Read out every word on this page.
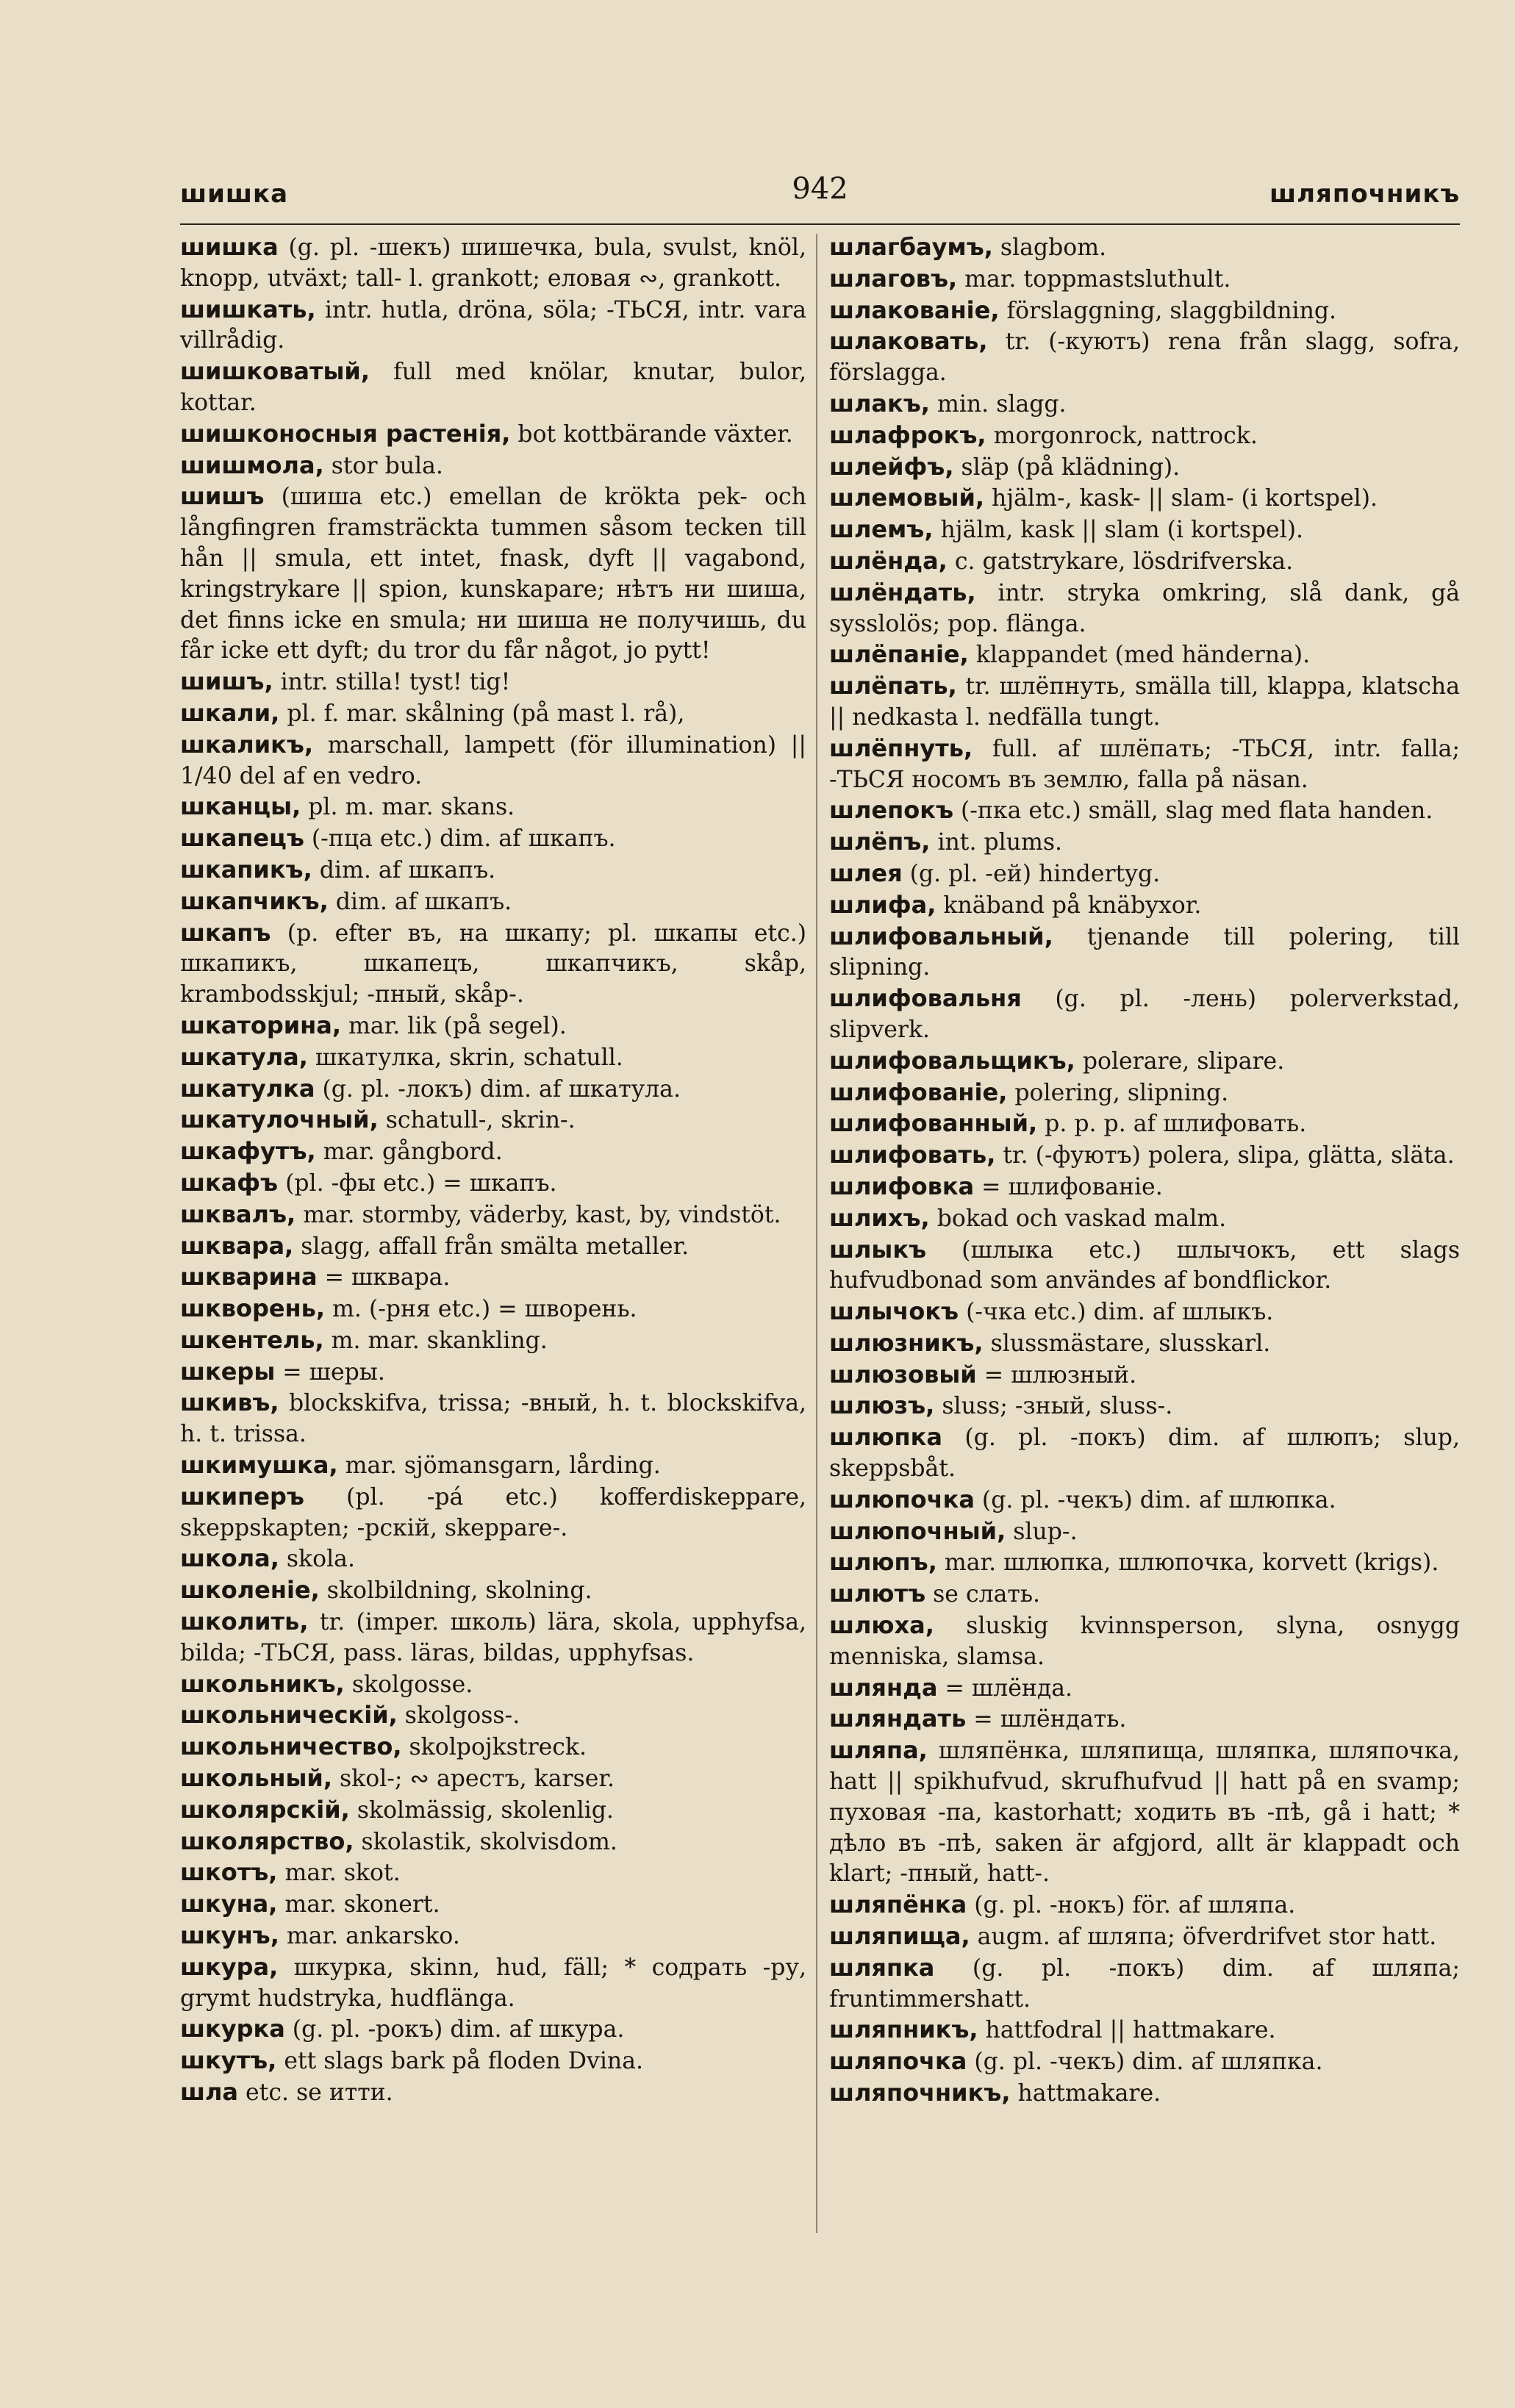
шишка	942	шляпочникъ

шишка (g. pl. -шекъ) шишечка, bula, svulst, knöl, knopp, utväxt; tall- l. grankott; еловая ∾, grankott.

шишкать, intr. hutla, dröna, söla; -ТЬСЯ, intr. vara villrådig.

шишковатый, full med knölar, knutar, bulor, kottar.

шишконосныя растенія, bot kottbärande växter.

шишмола, stor bula.

шишъ (шиша etc.) emellan de krökta pek- och långfingren framsträckta tummen såsom tecken till hån || smula, ett intet, fnask, dyft || vagabond, kringstrykare || spion, kunskapare; нѣтъ ни шиша, det finns icke en smula; ни шиша не получишь, du får icke ett dyft; du tror du får något, jo pytt!

шишъ, intr. stilla! tyst! tig!

шкали, pl. f. mar. skålning (på mast l. rå),

шкаликъ, marschall, lampett (för illumination) || 1/40 del af en vedro.

шканцы, pl. m. mar. skans.

шкапецъ (-пца etc.) dim. af шкапъ.

шкапикъ, dim. af шкапъ.

шкапчикъ, dim. af шкапъ.

шкапъ (p. efter въ, на шкапу; pl. шкапы etc.) шкапикъ, шкапецъ, шкапчикъ, skåp, krambodsskjul; -пный, skåp-.

шкаторина, mar. lik (på segel).

шкатула, шкатулка, skrin, schatull.

шкатулка (g. pl. -локъ) dim. af шкатула.

шкатулочный, schatull-, skrin-.

шкафутъ, mar. gångbord.

шкафъ (pl. -фы etc.) = шкапъ.

шквалъ, mar. stormby, väderby, kast, by, vindstöt.

шквара, slagg, affall från smälta metaller.

шкварина = шквара.

шкворень, m. (-рня etc.) = шворень.

шкентель, m. mar. skankling.

шкеры = шеры.

шкивъ, blockskifva, trissa; -вный, h. t. blockskifva, h. t. trissa.

шкимушка, mar. sjömansgarn, lårding.

шкиперъ (pl. -pá etc.) kofferdiskeppare, skeppskapten; -рскій, skeppare-.

школа, skola.

школеніе, skolbildning, skolning.

школить, tr. (imper. школь) lära, skola, upphyfsa, bilda; -ТЬСЯ, pass. läras, bildas, upphyfsas.

школьникъ, skolgosse.

школьническій, skolgoss-.

школьничество, skolpojkstreck.

школьный, skol-; ∾ арестъ, karser.

школярскій, skolmässig, skolenlig.

школярство, skolastik, skolvisdom.

шкотъ, mar. skot.

шкуна, mar. skonert.

шкунъ, mar. ankarsko.

шкура, шкурка, skinn, hud, fäll; * содрать -ру, grymt hudstryka, hudflänga.

шкурка (g. pl. -рокъ) dim. af шкура.

шкутъ, ett slags bark på floden Dvina.

шла etc. se итти.

шлагбаумъ, slagbom.

шлаговъ, mar. toppmastsluthult.

шлакованіе, förslaggning, slaggbildning.

шлаковать, tr. (-куютъ) rena från slagg, sofra, förslagga.

шлакъ, min. slagg.

шлафрокъ, morgonrock, nattrock.

шлейфъ, släp (på klädning).

шлемовый, hjälm-, kask- || slam- (i kortspel).

шлемъ, hjälm, kask || slam (i kortspel).

шлёнда, c. gatstrykare, lösdrifverska.

шлёндать, intr. stryka omkring, slå dank, gå sysslolös; pop. flänga.

шлёпаніе, klappandet (med händerna).

шлёпать, tr. шлёпнуть, smälla till, klappa, klatscha || nedkasta l. nedfälla tungt.

шлёпнуть, full. af шлёпать; -ТЬСЯ, intr. falla; -ТЬСЯ носомъ въ землю, falla på näsan.

шлепокъ (-пка etc.) smäll, slag med flata handen.

шлёпъ, int. plums.

шлея (g. pl. -ей) hindertyg.

шлифа, knäband på knäbyxor.

шлифовальный, tjenande till polering, till slipning.

шлифовальня (g. pl. -лень) polerverkstad, slipverk.

шлифовальщикъ, polerare, slipare.

шлифованіе, polering, slipning.

шлифованный, p. p. p. af шлифовать.

шлифовать, tr. (-фуютъ) polera, slipa, glätta, släta.

шлифовка = шлифованіе.

шлихъ, bokad och vaskad malm.

шлыкъ (шлыка etc.) шлычокъ, ett slags hufvudbonad som användes af bondflickor.

шлычокъ (-чка etc.) dim. af шлыкъ.

шлюзникъ, slussmästare, slusskarl.

шлюзовый = шлюзный.

шлюзъ, sluss; -зный, sluss-.

шлюпка (g. pl. -покъ) dim. af шлюпъ; slup, skeppsbåt.

шлюпочка (g. pl. -чекъ) dim. af шлюпка.

шлюпочный, slup-.

шлюпъ, mar. шлюпка, шлюпочка, korvett (krigs).

шлютъ se слать.

шлюха, sluskig kvinnsperson, slyna, osnygg menniska, slamsa.

шлянда = шлёнда.

шляндать = шлёндать.

шляпа, шляпёнка, шляпища, шляпка, шляпочка, hatt || spikhufvud, skrufhufvud || hatt på en svamp; пуховая -па, kastorhatt; ходить въ -пѣ, gå i hatt; * дѣло въ -пѣ, saken är afgjord, allt är klappadt och klart; -пный, hatt-.

шляпёнка (g. pl. -нокъ) för. af шляпа.

шляпища, augm. af шляпа; öfverdrifvet stor hatt.

шляпка (g. pl. -покъ) dim. af шляпа; fruntimmershatt.

шляпникъ, hattfodral || hattmakare.

шляпочка (g. pl. -чекъ) dim. af шляпка.

шляпочникъ, hattmakare.
